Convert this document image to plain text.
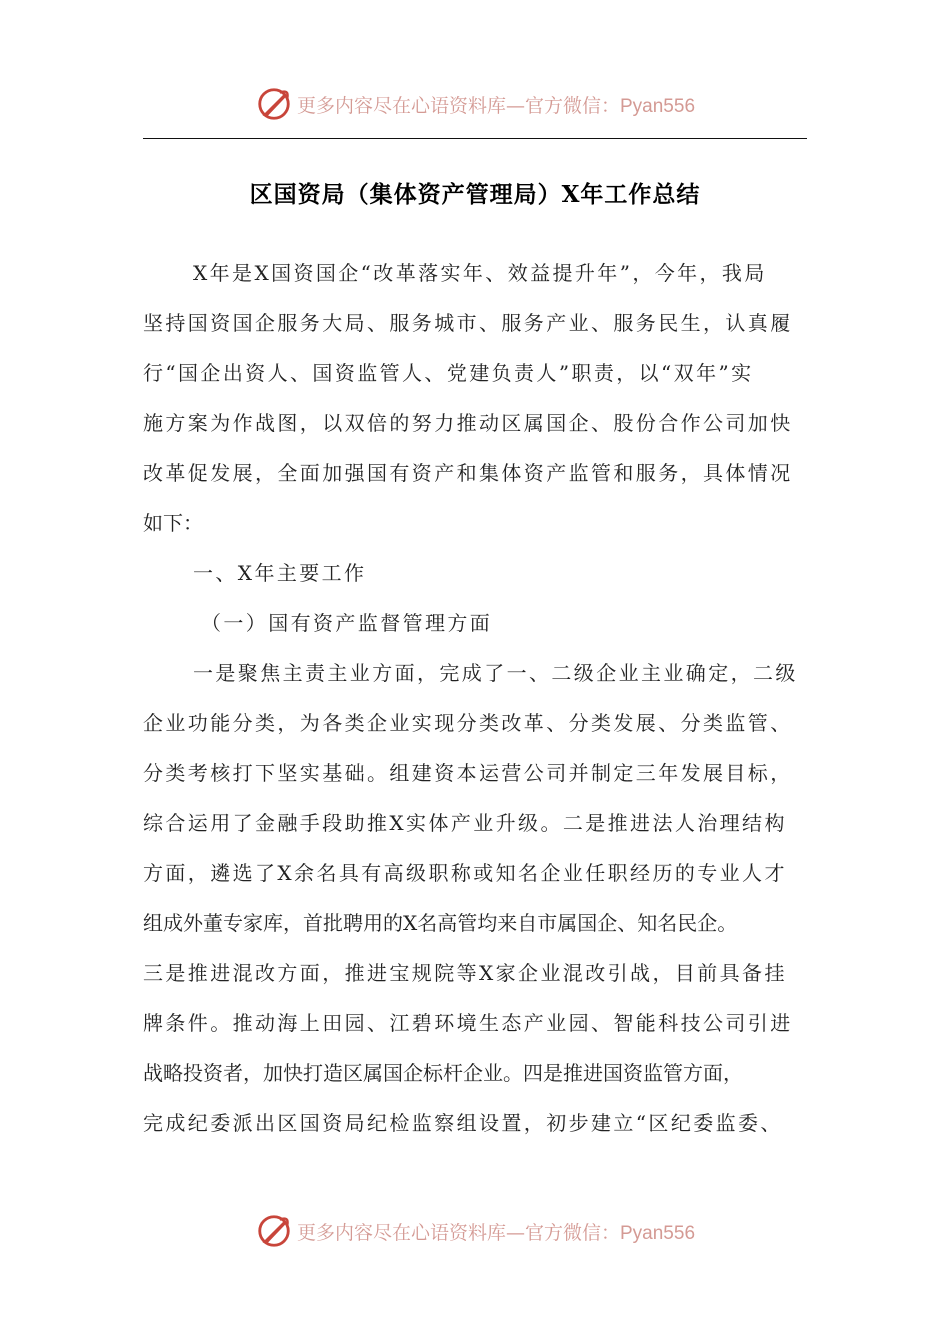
更多内容尽在心语资料库—官方微信：Pyan556
区国资局（集体资产管理局）X年工作总结
X年是X国资国企“改革落实年、效益提升年”，今年，我局
坚持国资国企服务大局、服务城市、服务产业、服务民生，认真履
行“国企出资人、国资监管人、党建负责人”职责，以“双年”实
施方案为作战图，以双倍的努力推动区属国企、股份合作公司加快
改革促发展，全面加强国有资产和集体资产监管和服务，具体情况
如下：
一、X年主要工作
（一）国有资产监督管理方面
一是聚焦主责主业方面，完成了一、二级企业主业确定，二级
企业功能分类，为各类企业实现分类改革、分类发展、分类监管、
分类考核打下坚实基础。组建资本运营公司并制定三年发展目标，
综合运用了金融手段助推X实体产业升级。二是推进法人治理结构
方面，遴选了X余名具有高级职称或知名企业任职经历的专业人才
组成外董专家库，首批聘用的X名高管均来自市属国企、知名民企。
三是推进混改方面，推进宝规院等X家企业混改引战，目前具备挂
牌条件。推动海上田园、江碧环境生态产业园、智能科技公司引进
战略投资者，加快打造区属国企标杆企业。四是推进国资监管方面，
完成纪委派出区国资局纪检监察组设置，初步建立“区纪委监委、
更多内容尽在心语资料库—官方微信：Pyan556
